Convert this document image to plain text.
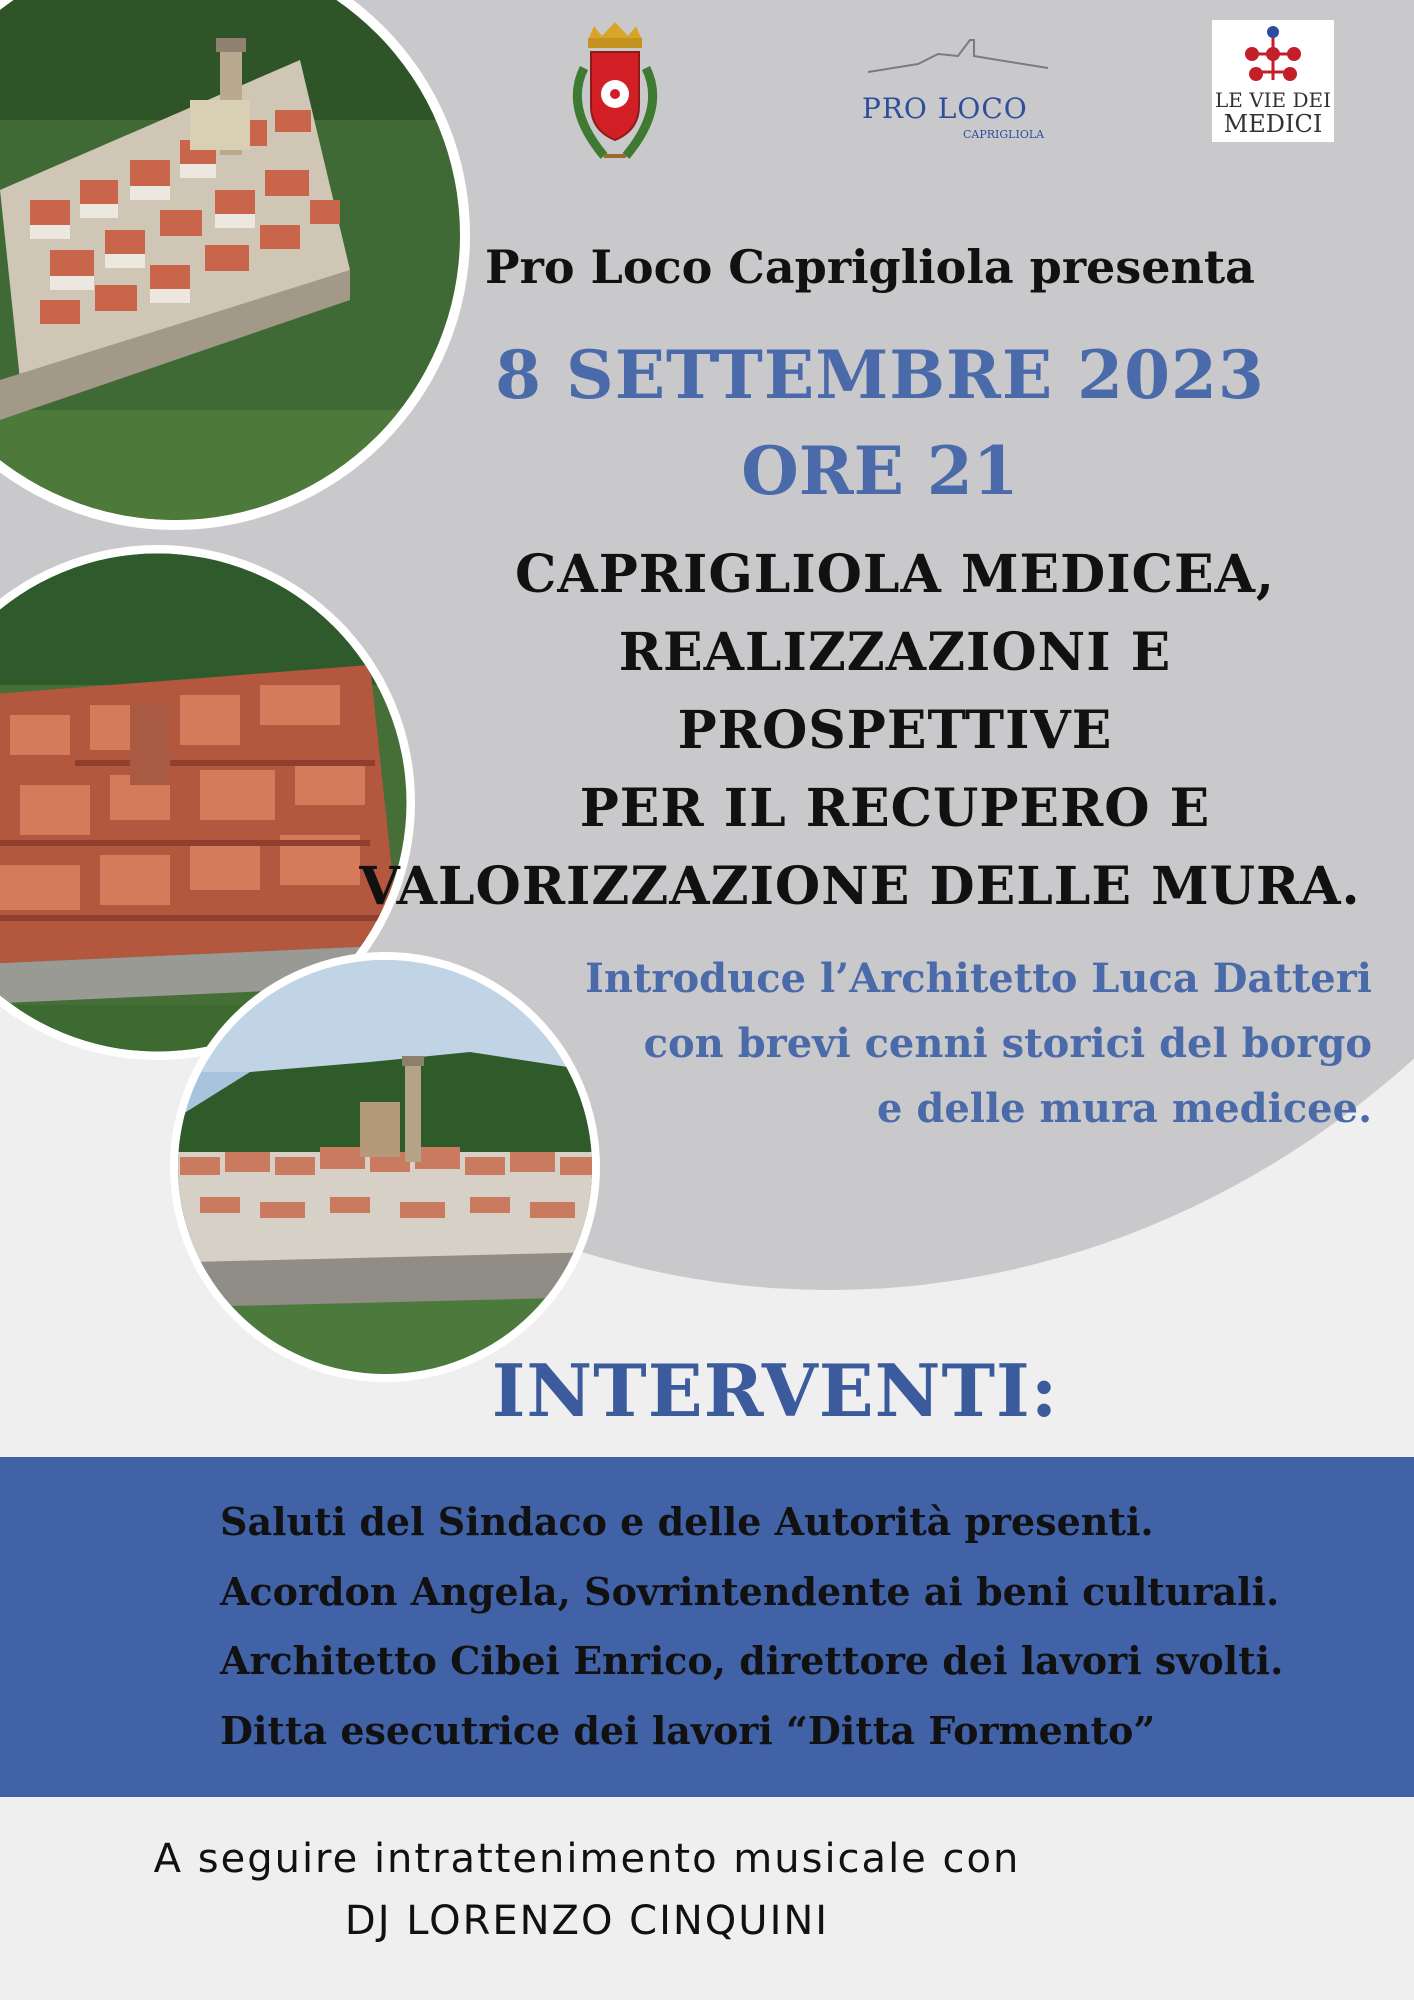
PRO LOCO
CAPRIGLIOLA
LE VIE DEI
MEDICI
Pro Loco Caprigliola presenta
8 SETTEMBRE 2023
ORE 21
CAPRIGLIOLA MEDICEA,
REALIZZAZIONI E PROSPETTIVE
PER IL RECUPERO E
VALORIZZAZIONE DELLE MURA.
Introduce l’Architetto Luca Datteri
con brevi cenni storici del borgo
e delle mura medicee.
INTERVENTI:
Saluti del Sindaco e delle Autorità presenti.
Acordon Angela, Sovrintendente ai beni culturali.
Architetto Cibei Enrico, direttore dei lavori svolti.
Ditta esecutrice dei lavori “Ditta Formento”
A seguire intrattenimento musicale con
DJ LORENZO CINQUINI
